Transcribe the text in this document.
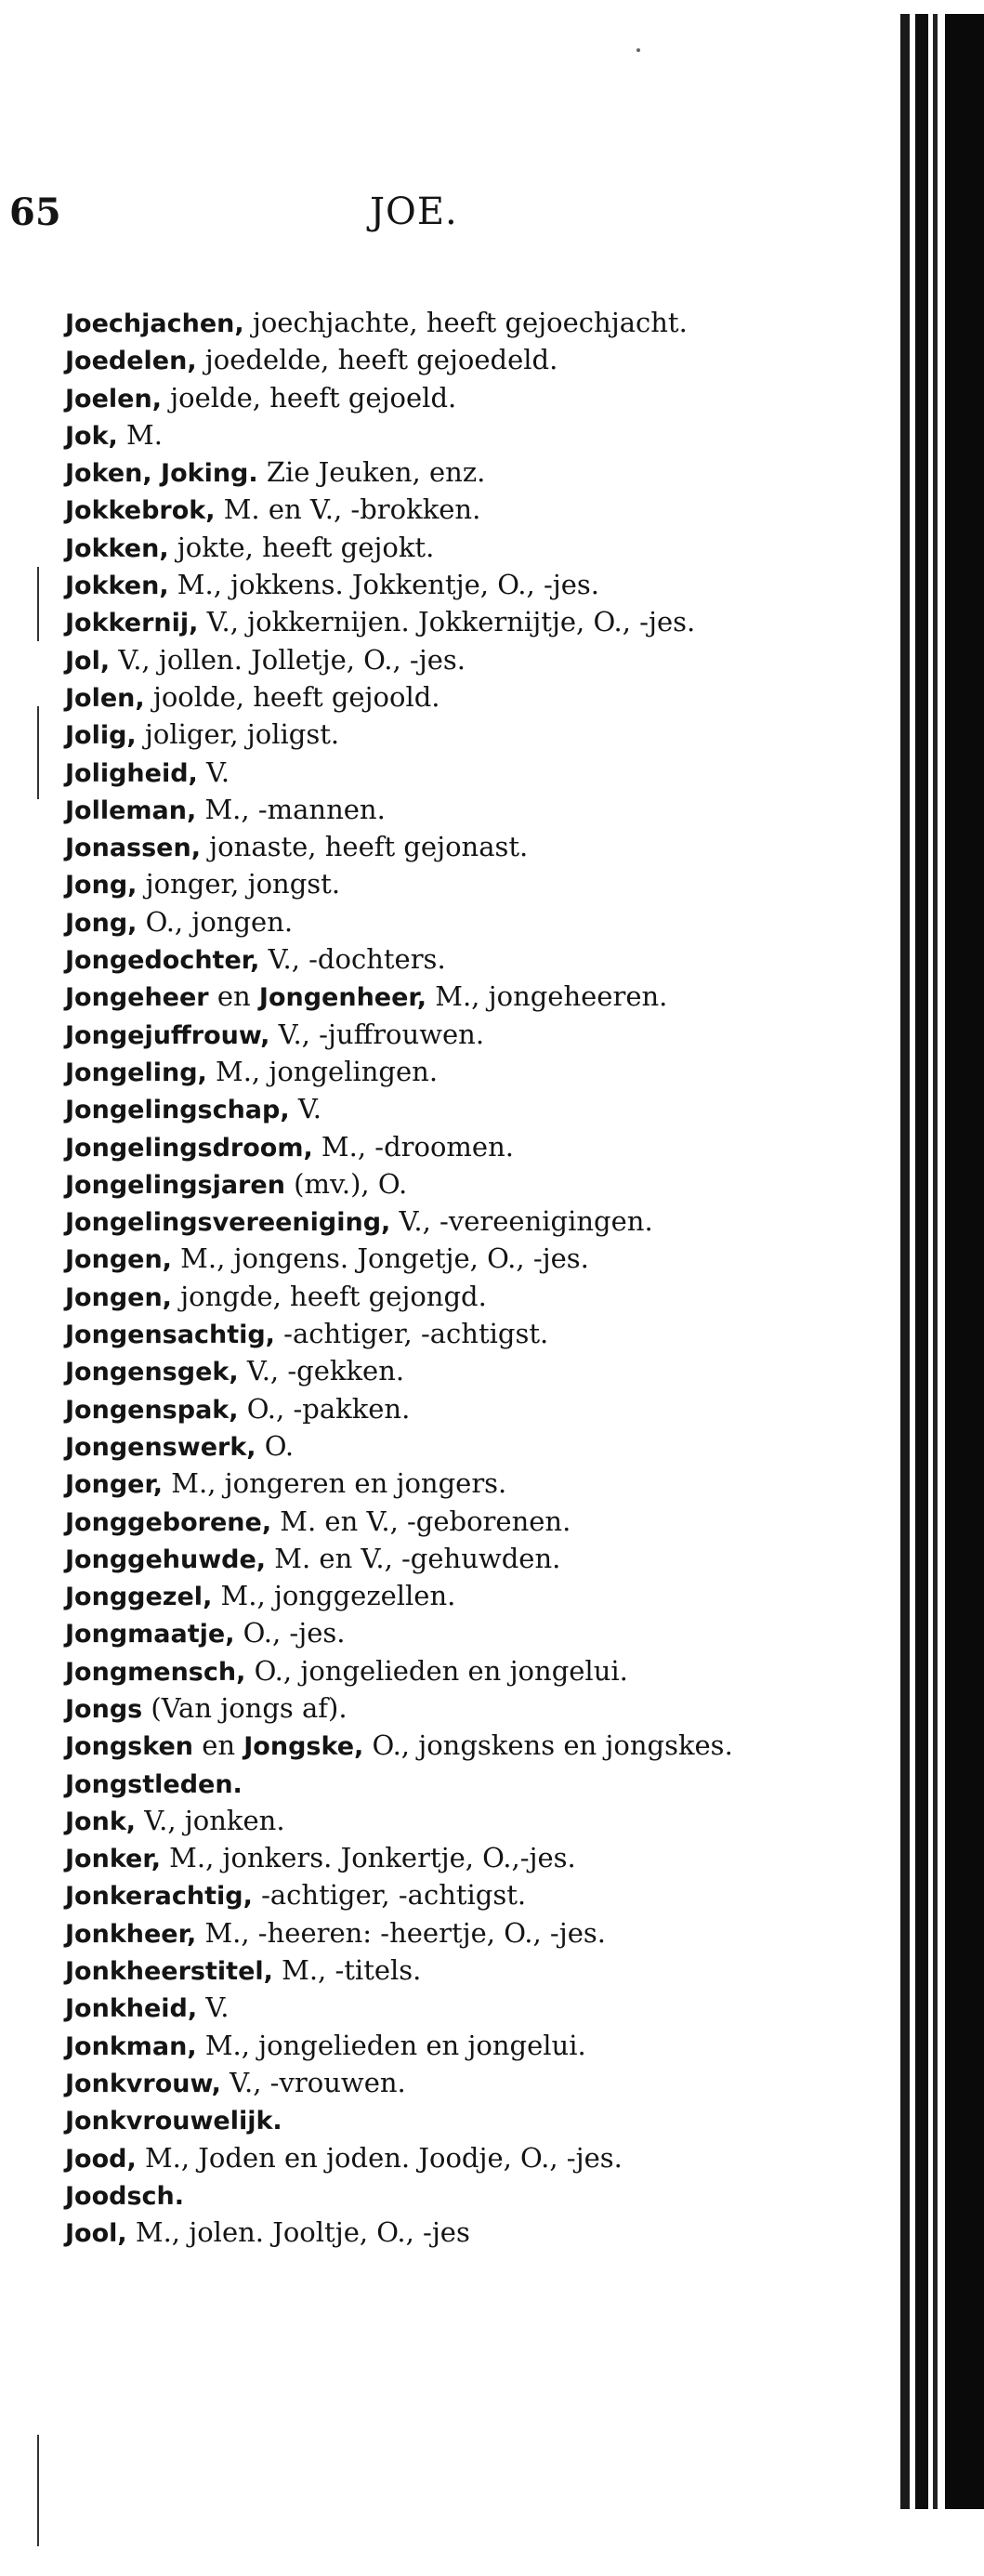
65	JOE.
Joechjachen, joechjachte, heeft gejoechjacht.
Joedelen, joedelde, heeft gejoedeld.
Joelen, joelde, heeft gejoeld.
Jok, M.
Joken, Joking. Zie Jeuken, enz.
Jokkebrok, M. en V., -brokken.
Jokken, jokte, heeft gejokt.
Jokken, M., jokkens. Jokkentje, O., -jes.
Jokkernij, V., jokkernijen. Jokkernijtje, O., -jes.
Jol, V., jollen. Jolletje, O., -jes.
Jolen, joolde, heeft gejoold.
Jolig, joliger, joligst.
Joligheid, V.
Jolleman, M., -mannen.
Jonassen, jonaste, heeft gejonast.
Jong, jonger, jongst.
Jong, O., jongen.
Jongedochter, V., -dochters.
Jongeheer en Jongenheer, M., jongeheeren.
Jongejuffrouw, V., -juffrouwen.
Jongeling, M., jongelingen.
Jongelingschap, V.
Jongelingsdroom, M., -droomen.
Jongelingsjaren (mv.), O.
Jongelingsvereeniging, V., -vereenigingen.
Jongen, M., jongens. Jongetje, O., -jes.
Jongen, jongde, heeft gejongd.
Jongensachtig, -achtiger, -achtigst.
Jongensgek, V., -gekken.
Jongenspak, O., -pakken.
Jongenswerk, O.
Jonger, M., jongeren en jongers.
Jonggeborene, M. en V., -geborenen.
Jonggehuwde, M. en V., -gehuwden.
Jonggezel, M., jonggezellen.
Jongmaatje, O., -jes.
Jongmensch, O., jongelieden en jongelui.
Jongs (Van jongs af).
Jongsken en Jongske, O., jongskens en jongskes.
Jongstleden.
Jonk, V., jonken.
Jonker, M., jonkers. Jonkertje, O.,-jes.
Jonkerachtig, -achtiger, -achtigst.
Jonkheer, M., -heeren: -heertje, O., -jes.
Jonkheerstitel, M., -titels.
Jonkheid, V.
Jonkman, M., jongelieden en jongelui.
Jonkvrouw, V., -vrouwen.
Jonkvrouwelijk.
Jood, M., Joden en joden. Joodje, O., -jes.
Joodsch.
Jool, M., jolen. Jooltje, O., -jes
